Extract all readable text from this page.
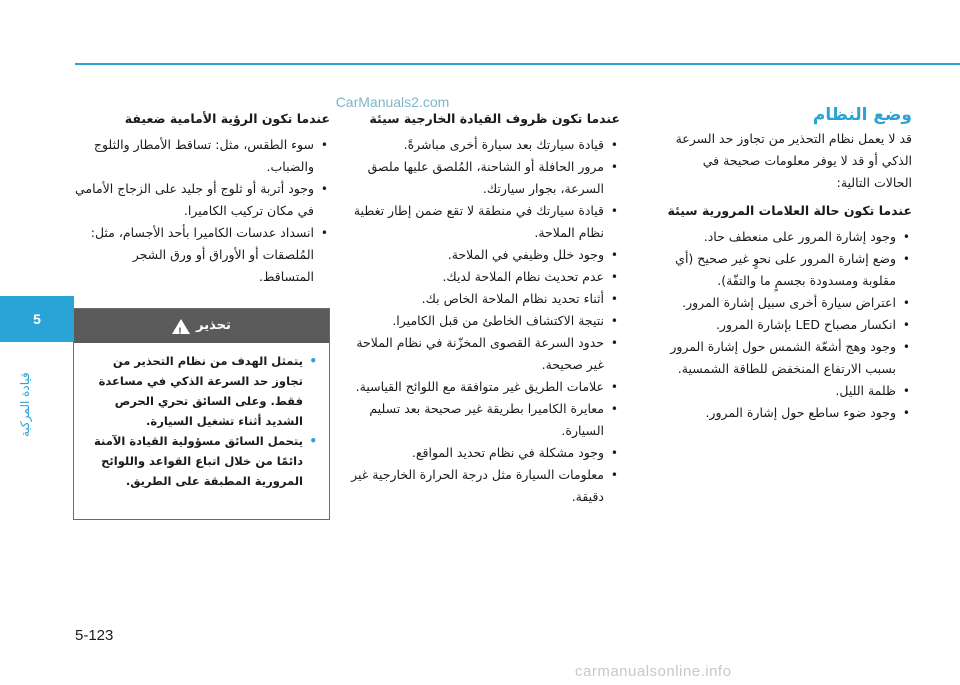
CarManuals2.com
وضع النظام

قد لا يعمل نظام التحذير من تجاوز حد السرعة الذكي أو قد لا يوفر معلومات صحيحة في الحالات التالية:

عندما تكون حالة العلامات المرورية سيئة
• وجود إشارة المرور على منعطف حاد.
• وضع إشارة المرور على نحوٍ غير صحيح (أي مقلوبة ومسدودة بجسمٍ ما والتفّة).
• اعتراض سيارة أخرى سبيل إشارة المرور.
• انكسار مصباح LED بإشارة المرور.
• وجود وهج أشعّة الشمس حول إشارة المرور بسبب الارتفاع المنخفض للطاقة الشمسية.
• ظلمة الليل.
• وجود ضوء ساطع حول إشارة المرور.
عندما تكون ظروف القيادة الخارجية سيئة
• قيادة سيارتك بعد سيارة أخرى مباشرةً.
• مرور الحافلة أو الشاحنة، المُلصق عليها ملصق السرعة، بجوار سيارتك.
• قيادة سيارتك في منطقة لا تقع ضمن إطار تغطية نظام الملاحة.
• وجود خلل وظيفي في الملاحة.
• عدم تحديث نظام الملاحة لديك.
• أثناء تحديد نظام الملاحة الخاص بك.
• نتيجة الاكتشاف الخاطئ من قبل الكاميرا.
• حدود السرعة القصوى المخزّنة في نظام الملاحة غير صحيحة.
• علامات الطريق غير متوافقة مع اللوائح القياسية.
• معايرة الكاميرا بطريقة غير صحيحة بعد تسليم السيارة.
• وجود مشكلة في نظام تحديد المواقع.
• معلومات السيارة مثل درجة الحرارة الخارجية غير دقيقة.
عندما تكون الرؤية الأمامية ضعيفة
• سوء الطقس، مثل: تساقط الأمطار والثلوج والضباب.
• وجود أتربة أو ثلوج أو جليد على الزجاج الأمامي في مكان تركيب الكاميرا.
• انسداد عدسات الكاميرا بأحد الأجسام، مثل: المُلصقات أو الأوراق أو ورق الشجر المتساقط.
تحذير
!
• يتمثل الهدف من نظام التحذير من تجاوز حد السرعة الذكي في مساعدة فقط. وعلى السائق تحري الحرص الشديد أثناء تشغيل السيارة.
• يتحمل السائق مسؤولية القيادة الآمنة دائمًا من خلال اتباع القواعد واللوائح المرورية المطبقة على الطريق.
5
قيادة المركبة
5-123
carmanualsonline.info
